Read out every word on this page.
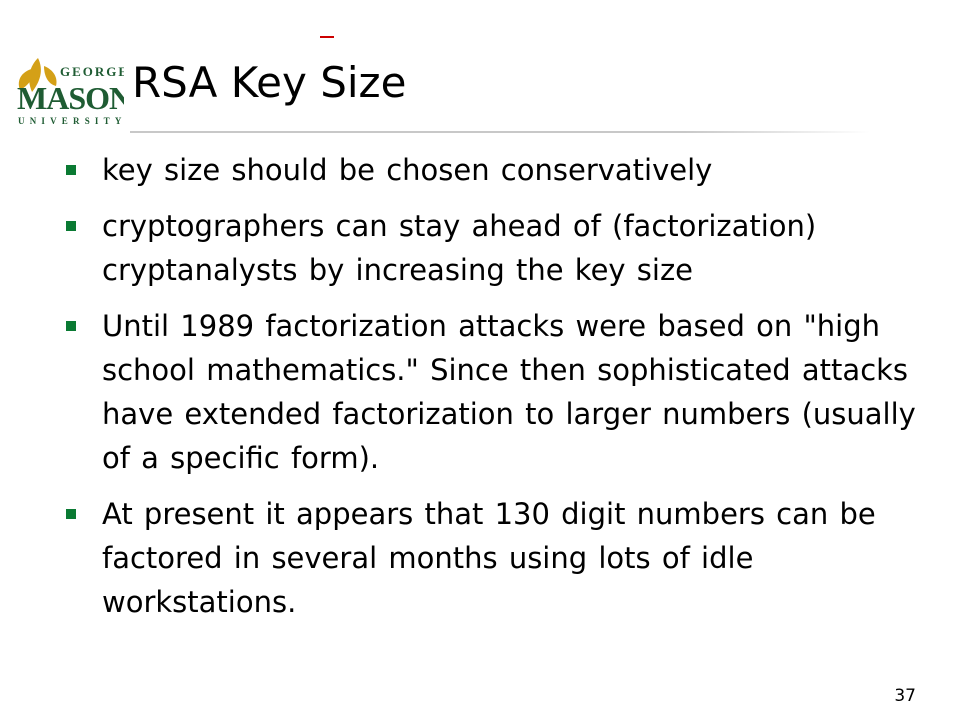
GEORGE
MASON
UNIVERSITY
RSA Key Size
key size should be chosen conservatively
cryptographers can stay ahead of (factorization) cryptanalysts by increasing the key size
Until 1989 factorization attacks were based on "high school mathematics." Since then sophisticated attacks have extended factorization to larger numbers (usually of a specific form).
At present it appears that 130 digit numbers can be factored in several months using lots of idle workstations.
37
